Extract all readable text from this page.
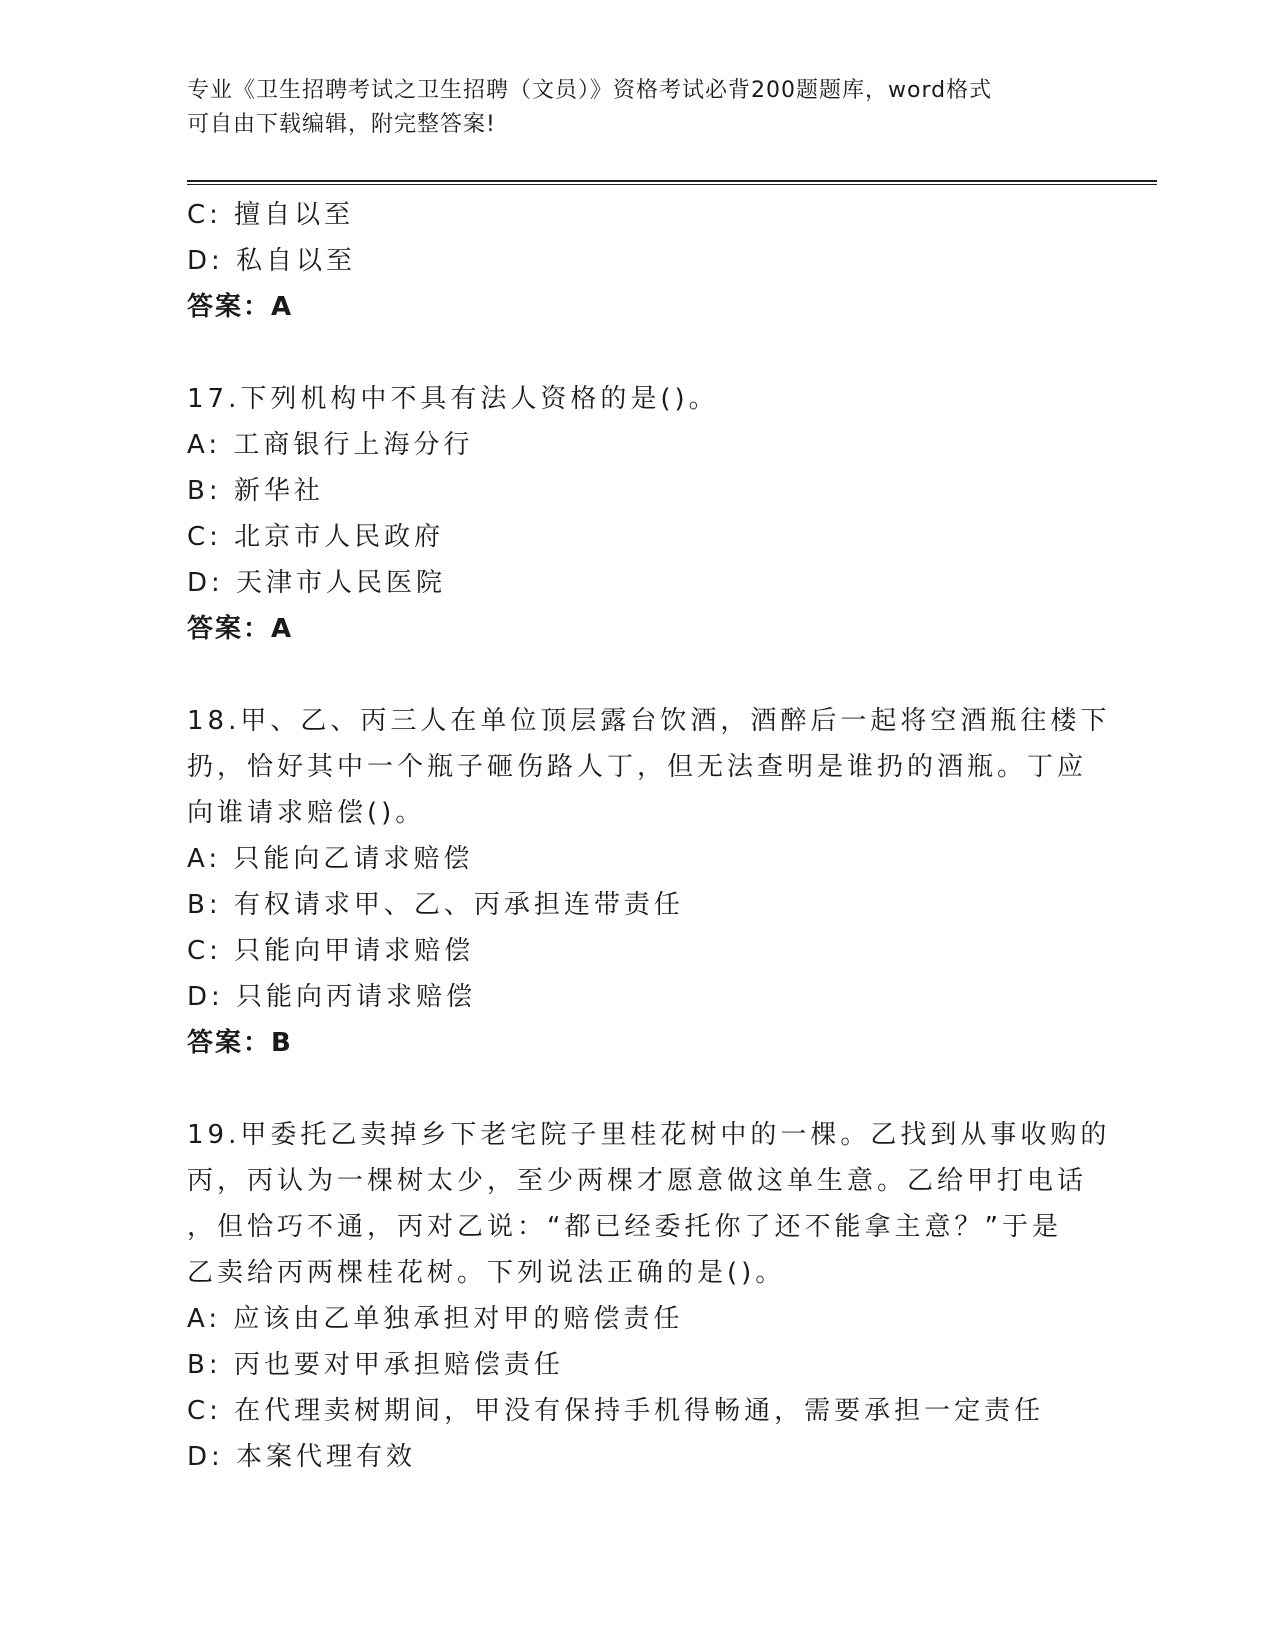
专业《卫生招聘考试之卫生招聘（文员）》资格考试必背200题题库，word格式
可自由下载编辑，附完整答案!
C: 擅自以至
D: 私自以至
答案：A
17.下列机构中不具有法人资格的是()。
A: 工商银行上海分行
B: 新华社
C: 北京市人民政府
D: 天津市人民医院
答案：A
18.甲、乙、丙三人在单位顶层露台饮酒，酒醉后一起将空酒瓶往楼下
扔，恰好其中一个瓶子砸伤路人丁，但无法查明是谁扔的酒瓶。丁应
向谁请求赔偿()。
A: 只能向乙请求赔偿
B: 有权请求甲、乙、丙承担连带责任
C: 只能向甲请求赔偿
D: 只能向丙请求赔偿
答案：B
19.甲委托乙卖掉乡下老宅院子里桂花树中的一棵。乙找到从事收购的
丙，丙认为一棵树太少，至少两棵才愿意做这单生意。乙给甲打电话
，但恰巧不通，丙对乙说：“都已经委托你了还不能拿主意？”于是
乙卖给丙两棵桂花树。下列说法正确的是()。
A: 应该由乙单独承担对甲的赔偿责任
B: 丙也要对甲承担赔偿责任
C: 在代理卖树期间，甲没有保持手机得畅通，需要承担一定责任
D: 本案代理有效
